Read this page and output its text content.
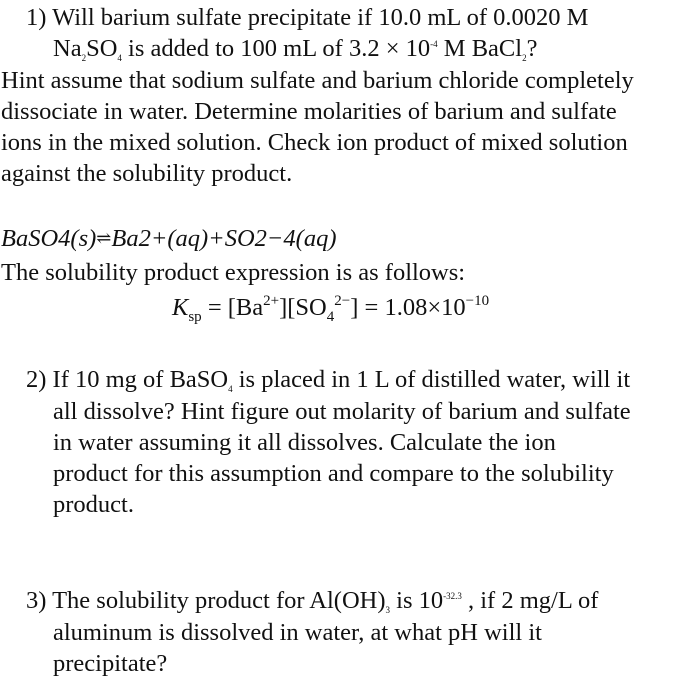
1) Will barium sulfate precipitate if 10.0 mL of 0.0020 M
$Na_2SO_4$ is added to 100 mL of $3.2 \times 10^{-4}$ M BaCl$_2$?
Hint assume that sodium sulfate and barium chloride completely
dissociate in water. Determine molarities of barium and sulfate
ions in the mixed solution. Check ion product of mixed solution
against the solubility product.
BaSO4(s)⇌Ba2+(aq)+SO2−4(aq)
The solubility product expression is as follows:
$K_{sp} = [Ba^{2+}][SO_4^{2-}] = 1.08\times 10^{-10}$
2) If 10 mg of BaSO$_4$ is placed in 1 L of distilled water, will it
all dissolve? Hint figure out molarity of barium and sulfate
in water assuming it all dissolves. Calculate the ion
product for this assumption and compare to the solubility
product.
3) The solubility product for $Al(OH)_3$ is $10^{-32.3}$ , if 2 mg/L of
aluminum is dissolved in water, at what pH will it
precipitate?
